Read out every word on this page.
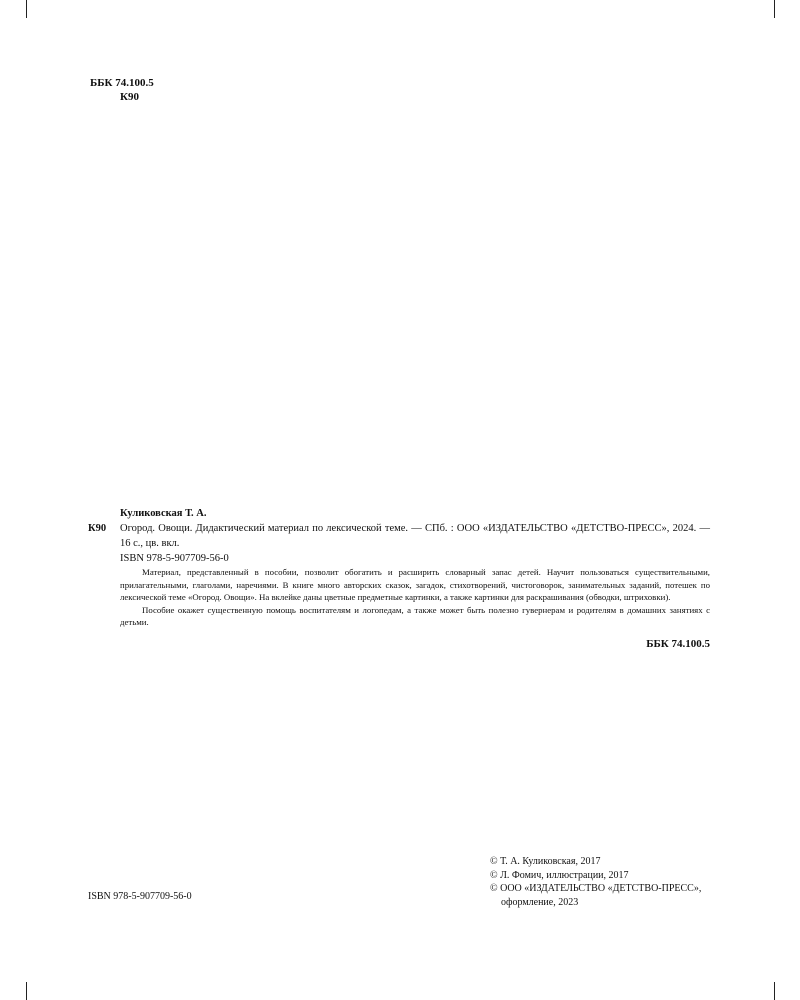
ББК 74.100.5
К90
Куликовская Т. А.
К90	Огород. Овощи. Дидактический материал по лексической теме. — СПб. : ООО «ИЗДАТЕЛЬСТВО «ДЕТСТВО-ПРЕСС», 2024. — 16 с., цв. вкл.
ISBN 978-5-907709-56-0
Материал, представленный в пособии, позволит обогатить и расширить словарный запас детей. Научит пользоваться существительными, прилагательными, глаголами, наречиями. В книге много авторских сказок, загадок, стихотворений, чистоговорок, занимательных заданий, потешек по лексической теме «Огород. Овощи». На вклейке даны цветные предметные картинки, а также картинки для раскрашивания (обводки, штриховки).
Пособие окажет существенную помощь воспитателям и логопедам, а также может быть полезно гувернерам и родителям в домашних занятиях с детьми.
ББК 74.100.5
ISBN 978-5-907709-56-0
© Т. А. Куликовская, 2017
© Л. Фомич, иллюстрации, 2017
© ООО «ИЗДАТЕЛЬСТВО «ДЕТСТВО-ПРЕСС»,
оформление, 2023
